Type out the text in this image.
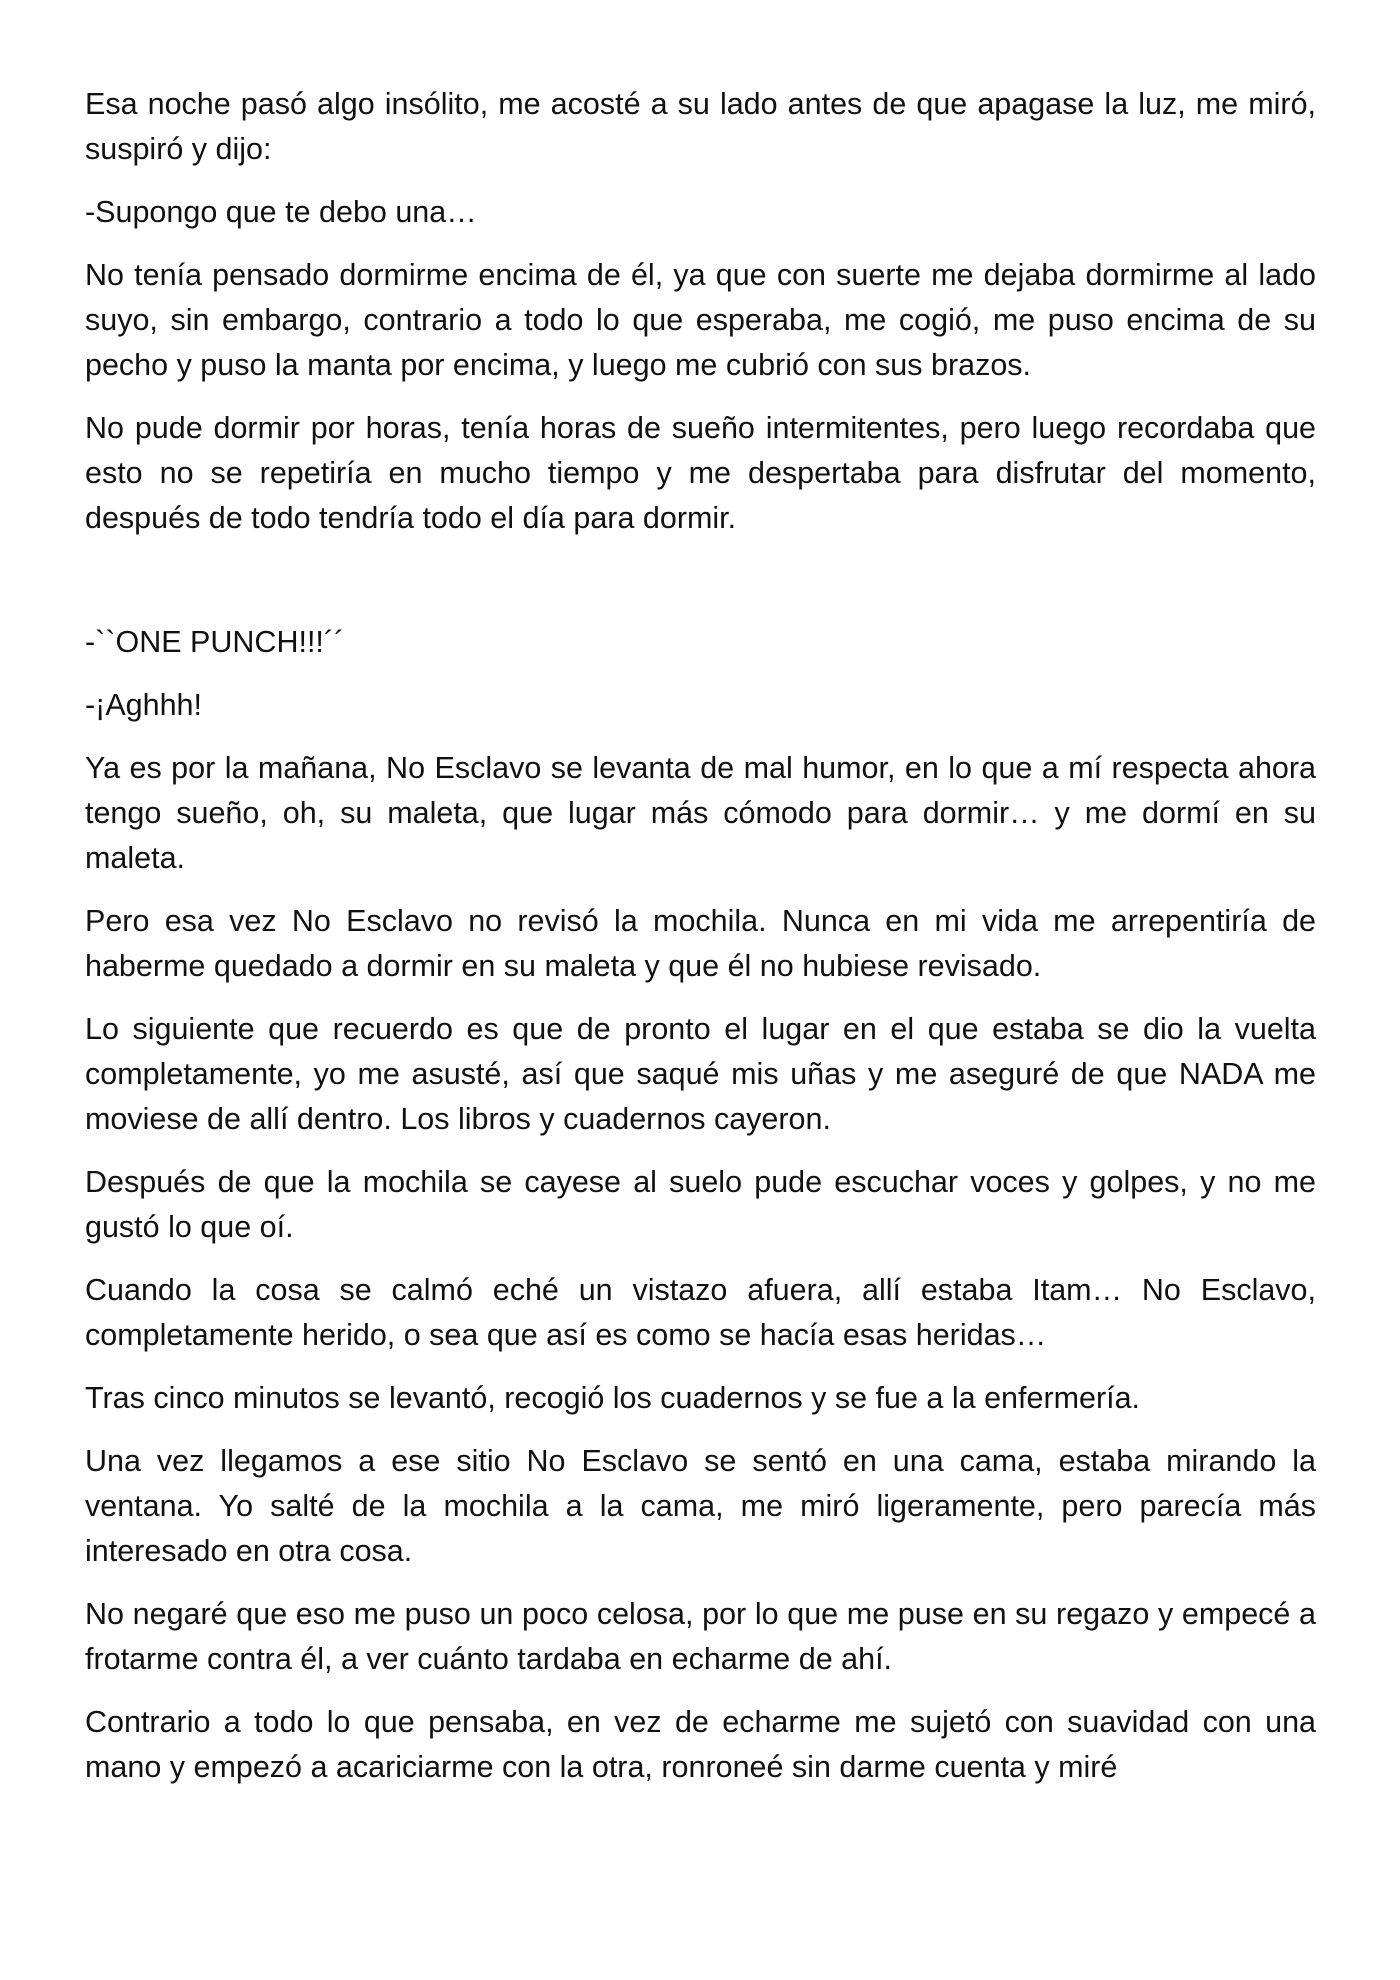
Esa noche pasó algo insólito, me acosté a su lado antes de que apagase la luz, me miró, suspiró y dijo:

-Supongo que te debo una…

No tenía pensado dormirme encima de él, ya que con suerte me dejaba dormirme al lado suyo, sin embargo, contrario a todo lo que esperaba, me cogió, me puso encima de su pecho y puso la manta por encima, y luego me cubrió con sus brazos.

No pude dormir por horas, tenía horas de sueño intermitentes, pero luego recordaba que esto no se repetiría en mucho tiempo y me despertaba para disfrutar del momento, después de todo tendría todo el día para dormir.

-``ONE PUNCH!!!´´

-¡Aghhh!

Ya es por la mañana, No Esclavo se levanta de mal humor, en lo que a mí respecta ahora tengo sueño, oh, su maleta, que lugar más cómodo para dormir… y me dormí en su maleta.

Pero esa vez No Esclavo no revisó la mochila. Nunca en mi vida me arrepentiría de haberme quedado a dormir en su maleta y que él no hubiese revisado.

Lo siguiente que recuerdo es que de pronto el lugar en el que estaba se dio la vuelta completamente, yo me asusté, así que saqué mis uñas y me aseguré de que NADA me moviese de allí dentro. Los libros y cuadernos cayeron.

Después de que la mochila se cayese al suelo pude escuchar voces y golpes, y no me gustó lo que oí.

Cuando la cosa se calmó eché un vistazo afuera, allí estaba Itam… No Esclavo, completamente herido, o sea que así es como se hacía esas heridas…

Tras cinco minutos se levantó, recogió los cuadernos y se fue a la enfermería.

Una vez llegamos a ese sitio No Esclavo se sentó en una cama, estaba mirando la ventana. Yo salté de la mochila a la cama, me miró ligeramente, pero parecía más interesado en otra cosa.

No negaré que eso me puso un poco celosa, por lo que me puse en su regazo y empecé a frotarme contra él, a ver cuánto tardaba en echarme de ahí.

Contrario a todo lo que pensaba, en vez de echarme me sujetó con suavidad con una mano y empezó a acariciarme con la otra, ronroneé sin darme cuenta y miré
